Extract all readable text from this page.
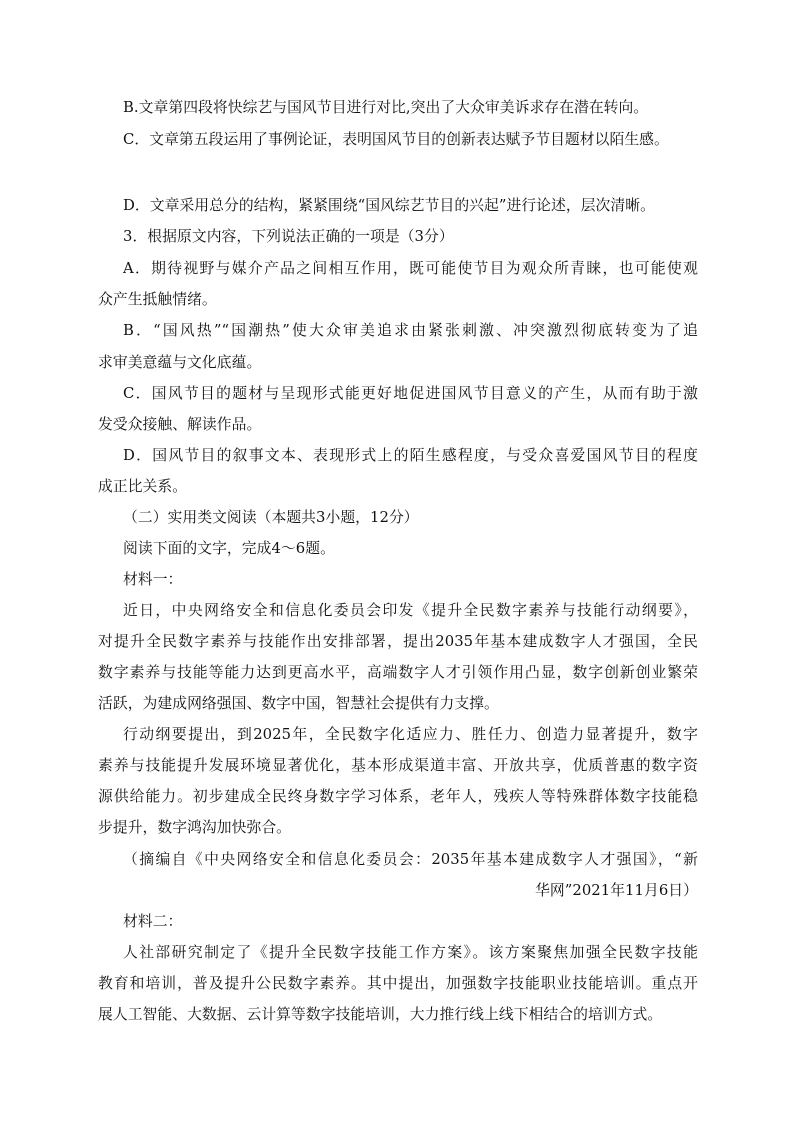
B.文章第四段将快综艺与国风节目进行对比,突出了大众审美诉求存在潜在转向。
C．文章第五段运用了事例论证，表明国风节目的创新表达赋予节目题材以陌生感。
D．文章采用总分的结构，紧紧围绕“国风综艺节目的兴起”进行论述，层次清晰。
3．根据原文内容，下列说法正确的一项是（3分）
A．期待视野与媒介产品之间相互作用，既可能使节目为观众所青睐，也可能使观
众产生抵触情绪。
B．“国风热”“国潮热”使大众审美追求由紧张刺激、冲突激烈彻底转变为了追
求审美意蕴与文化底蕴。
C．国风节目的题材与呈现形式能更好地促进国风节目意义的产生，从而有助于激
发受众接触、解读作品。
D．国风节目的叙事文本、表现形式上的陌生感程度，与受众喜爱国风节目的程度
成正比关系。
（二）实用类文阅读（本题共3小题，12分）
阅读下面的文字，完成4～6题。
材料一：
近日，中央网络安全和信息化委员会印发《提升全民数字素养与技能行动纲要》，
对提升全民数字素养与技能作出安排部署，提出2035年基本建成数字人才强国，全民
数字素养与技能等能力达到更高水平，高端数字人才引领作用凸显，数字创新创业繁荣
活跃，为建成网络强国、数字中国，智慧社会提供有力支撑。
行动纲要提出，到2025年，全民数字化适应力、胜任力、创造力显著提升，数字
素养与技能提升发展环境显著优化，基本形成渠道丰富、开放共享，优质普惠的数字资
源供给能力。初步建成全民终身数字学习体系，老年人，残疾人等特殊群体数字技能稳
步提升，数字鸿沟加快弥合。
（摘编自《中央网络安全和信息化委员会：2035年基本建成数字人才强国》，“新
华网”2021年11月6日）
材料二：
人社部研究制定了《提升全民数字技能工作方案》。该方案聚焦加强全民数字技能
教育和培训，普及提升公民数字素养。其中提出，加强数字技能职业技能培训。重点开
展人工智能、大数据、云计算等数字技能培训，大力推行线上线下相结合的培训方式。
